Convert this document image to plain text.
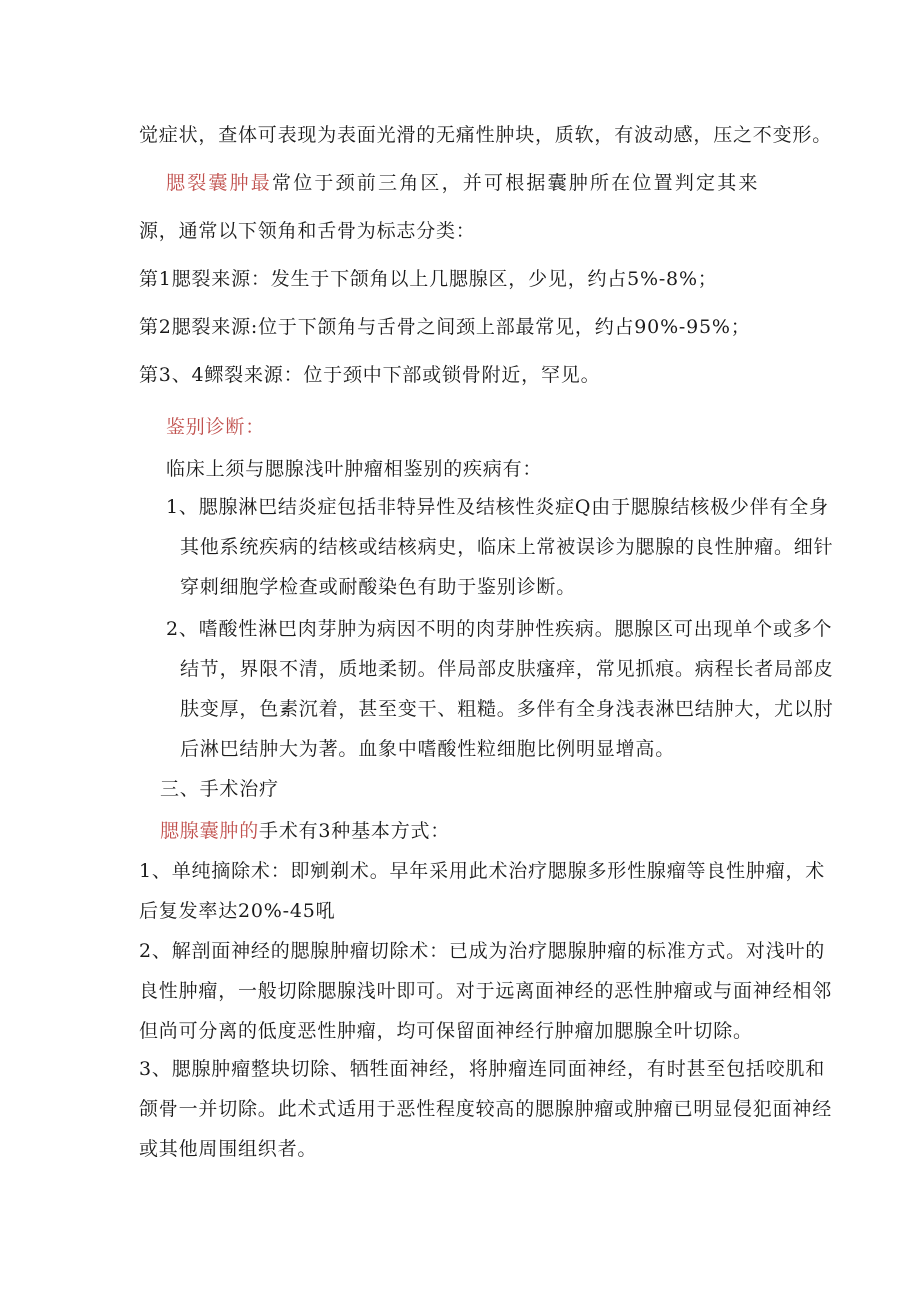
觉症状，查体可表现为表面光滑的无痛性肿块，质软，有波动感，压之不变形。
腮裂囊肿最常位于颈前三角区，并可根据囊肿所在位置判定其来
源，通常以下领角和舌骨为标志分类：
第1腮裂来源：发生于下颌角以上几腮腺区，少见，约占5%-8%；
第2腮裂来源:位于下颌角与舌骨之间颈上部最常见，约占90%-95%；
第3、4鳏裂来源：位于颈中下部或锁骨附近，罕见。
鉴别诊断：
临床上须与腮腺浅叶肿瘤相鉴别的疾病有：
1、腮腺淋巴结炎症包括非特异性及结核性炎症Q由于腮腺结核极少伴有全身
其他系统疾病的结核或结核病史，临床上常被误诊为腮腺的良性肿瘤。细针
穿刺细胞学检查或耐酸染色有助于鉴别诊断。
2、嗜酸性淋巴肉芽肿为病因不明的肉芽肿性疾病。腮腺区可出现单个或多个
结节，界限不清，质地柔韧。伴局部皮肤瘙痒，常见抓痕。病程长者局部皮
肤变厚，色素沉着，甚至变干、粗糙。多伴有全身浅表淋巴结肿大，尤以肘
后淋巴结肿大为著。血象中嗜酸性粒细胞比例明显增高。
三、手术治疗
腮腺囊肿的手术有3种基本方式：
1、单纯摘除术：即剜剃术。早年采用此术治疗腮腺多形性腺瘤等良性肿瘤，术
后复发率达20%-45吼
2、解剖面神经的腮腺肿瘤切除术：已成为治疗腮腺肿瘤的标准方式。对浅叶的
良性肿瘤，一般切除腮腺浅叶即可。对于远离面神经的恶性肿瘤或与面神经相邻
但尚可分离的低度恶性肿瘤，均可保留面神经行肿瘤加腮腺全叶切除。
3、腮腺肿瘤整块切除、牺牲面神经，将肿瘤连同面神经，有时甚至包括咬肌和
颌骨一并切除。此术式适用于恶性程度较高的腮腺肿瘤或肿瘤已明显侵犯面神经
或其他周围组织者。
